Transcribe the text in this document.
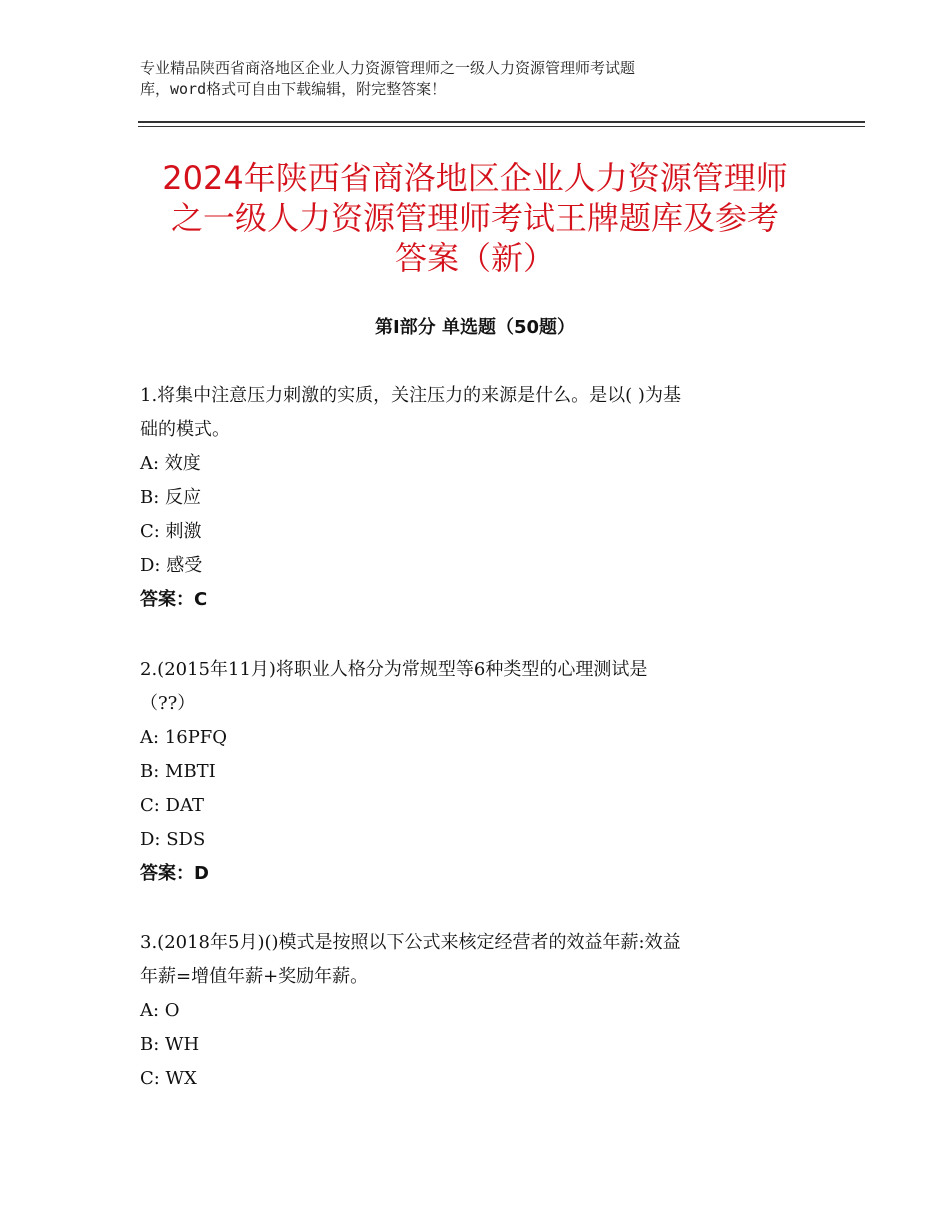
专业精品陕西省商洛地区企业人力资源管理师之一级人力资源管理师考试题
库，word格式可自由下载编辑，附完整答案！
2024年陕西省商洛地区企业人力资源管理师
之一级人力资源管理师考试王牌题库及参考
答案（新）
第Ⅰ部分 单选题（50题）
1.将集中注意压力刺激的实质，关注压力的来源是什么。是以( )为基
础的模式。
A: 效度
B: 反应
C: 刺激
D: 感受
答案：C
2.(2015年11月)将职业人格分为常规型等6种类型的心理测试是
（??）
A: 16PFQ
B: MBTI
C: DAT
D: SDS
答案：D
3.(2018年5月)()模式是按照以下公式来核定经营者的效益年薪:效益
年薪=增值年薪+奖励年薪。
A: O
B: WH
C: WX
